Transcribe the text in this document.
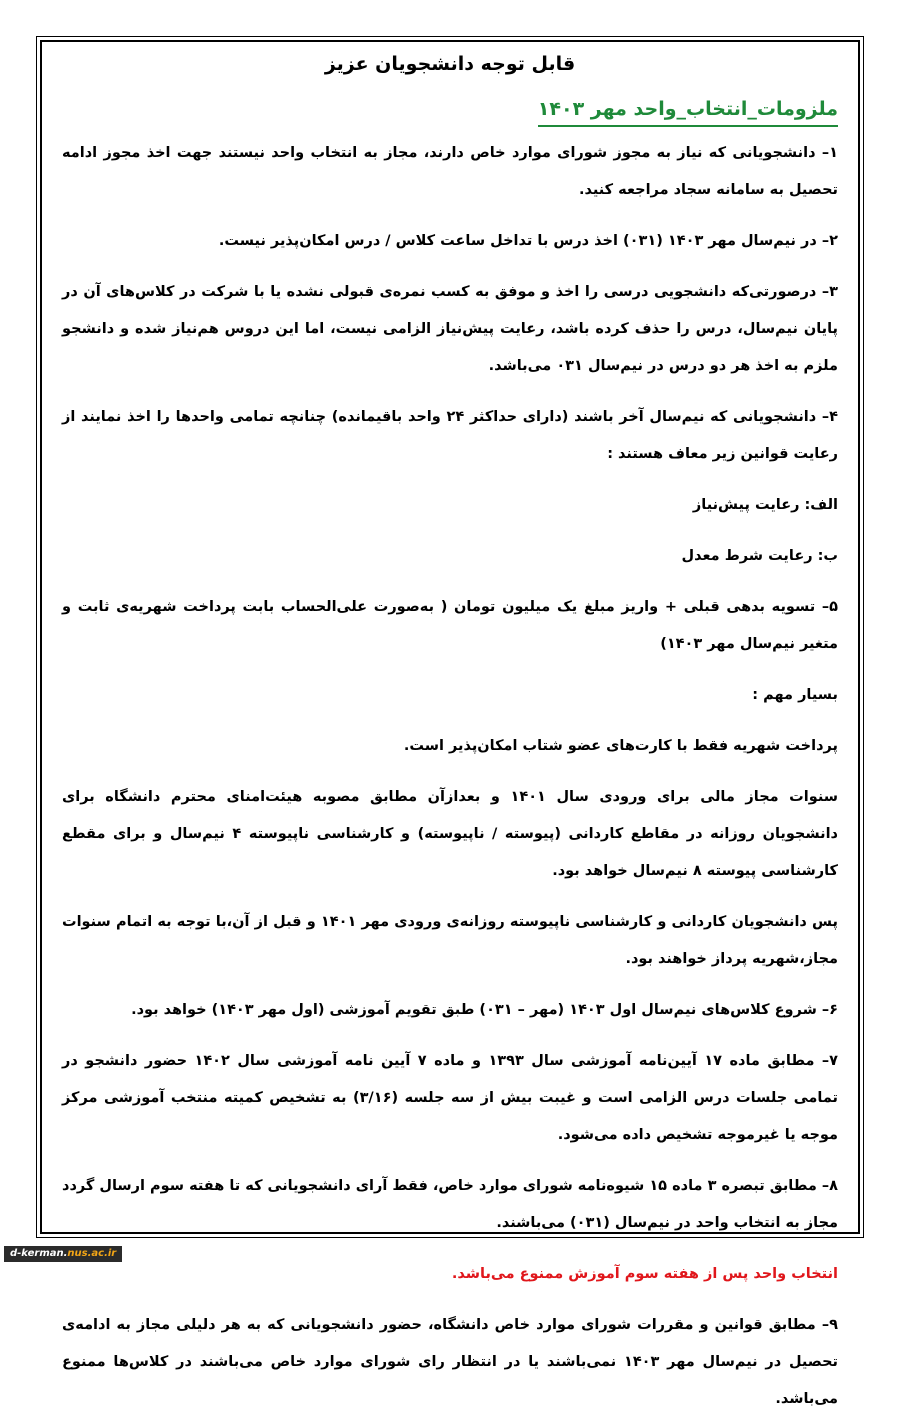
قابل توجه دانشجویان عزیز
ملزومات_انتخاب_واحد مهر ۱۴۰۳

۱– دانشجویانی که نیاز به مجوز شورای موارد خاص دارند، مجاز به انتخاب واحد نیستند جهت اخذ مجوز ادامه تحصیل به سامانه سجاد مراجعه کنید.

۲– در نیم‌سال مهر ۱۴۰۳ (۰۳۱) اخذ درس با تداخل ساعت کلاس / درس امکان‌پذیر نیست.

۳– درصورتی‌که دانشجویی درسی را اخذ و موفق به کسب نمره‌ی قبولی نشده یا با شرکت در کلاس‌های آن در پایان نیم‌سال، درس را حذف کرده باشد، رعایت پیش‌نیاز الزامی نیست، اما این دروس هم‌نیاز شده و دانشجو ملزم به اخذ هر دو درس در نیم‌سال ۰۳۱ می‌باشد.

۴– دانشجویانی که نیم‌سال آخر باشند (دارای حداکثر ۲۴ واحد باقیمانده) چنانچه تمامی واحدها را اخذ نمایند از رعایت قوانین زیر معاف هستند :

الف: رعایت پیش‌نیاز

ب: رعایت شرط معدل

۵– تسویه بدهی قبلی + واریز مبلغ یک میلیون تومان ( به‌صورت علی‌الحساب بابت پرداخت شهریه‌ی ثابت و متغیر نیم‌سال مهر ۱۴۰۳)

بسیار مهم :

پرداخت شهریه فقط با کارت‌های عضو شتاب امکان‌پذیر است.

سنوات مجاز مالی برای ورودی سال ۱۴۰۱ و بعدازآن مطابق مصوبه هیئت‌امنای محترم دانشگاه برای دانشجویان روزانه در مقاطع کاردانی (پیوسته / ناپیوسته) و کارشناسی ناپیوسته ۴ نیم‌سال و برای مقطع کارشناسی پیوسته ۸ نیم‌سال خواهد بود.

پس دانشجویان کاردانی و کارشناسی ناپیوسته روزانه‌ی ورودی مهر ۱۴۰۱ و قبل از آن،با توجه به اتمام سنوات مجاز،شهریه پرداز خواهند بود.

۶– شروع کلاس‌های نیم‌سال اول ۱۴۰۳ (مهر – ۰۳۱) طبق تقویم آموزشی (اول مهر ۱۴۰۳) خواهد بود.

۷– مطابق ماده ۱۷ آیین‌نامه آموزشی سال ۱۳۹۳ و ماده ۷ آیین نامه آموزشی سال ۱۴۰۲ حضور دانشجو در تمامی جلسات درس الزامی است و غیبت بیش از سه جلسه (۳/۱۶) به تشخیص کمیته منتخب آموزشی مرکز موجه یا غیرموجه تشخیص داده می‌شود.

۸– مطابق تبصره ۳ ماده ۱۵ شیوه‌نامه شورای موارد خاص، فقط آرای دانشجویانی که تا هفته سوم ارسال گردد مجاز به انتخاب واحد در نیم‌سال (۰۳۱) می‌باشند.

انتخاب واحد پس از هفته سوم آموزش ممنوع می‌باشد.

۹– مطابق قوانین و مقررات شورای موارد خاص دانشگاه، حضور دانشجویانی که به هر دلیلی مجاز به ادامه‌ی تحصیل در نیم‌سال مهر ۱۴۰۳ نمی‌باشند یا در انتظار رای شورای موارد خاص می‌باشند در کلاس‌ها ممنوع می‌باشد.

d-kerman.nus.ac.ir
